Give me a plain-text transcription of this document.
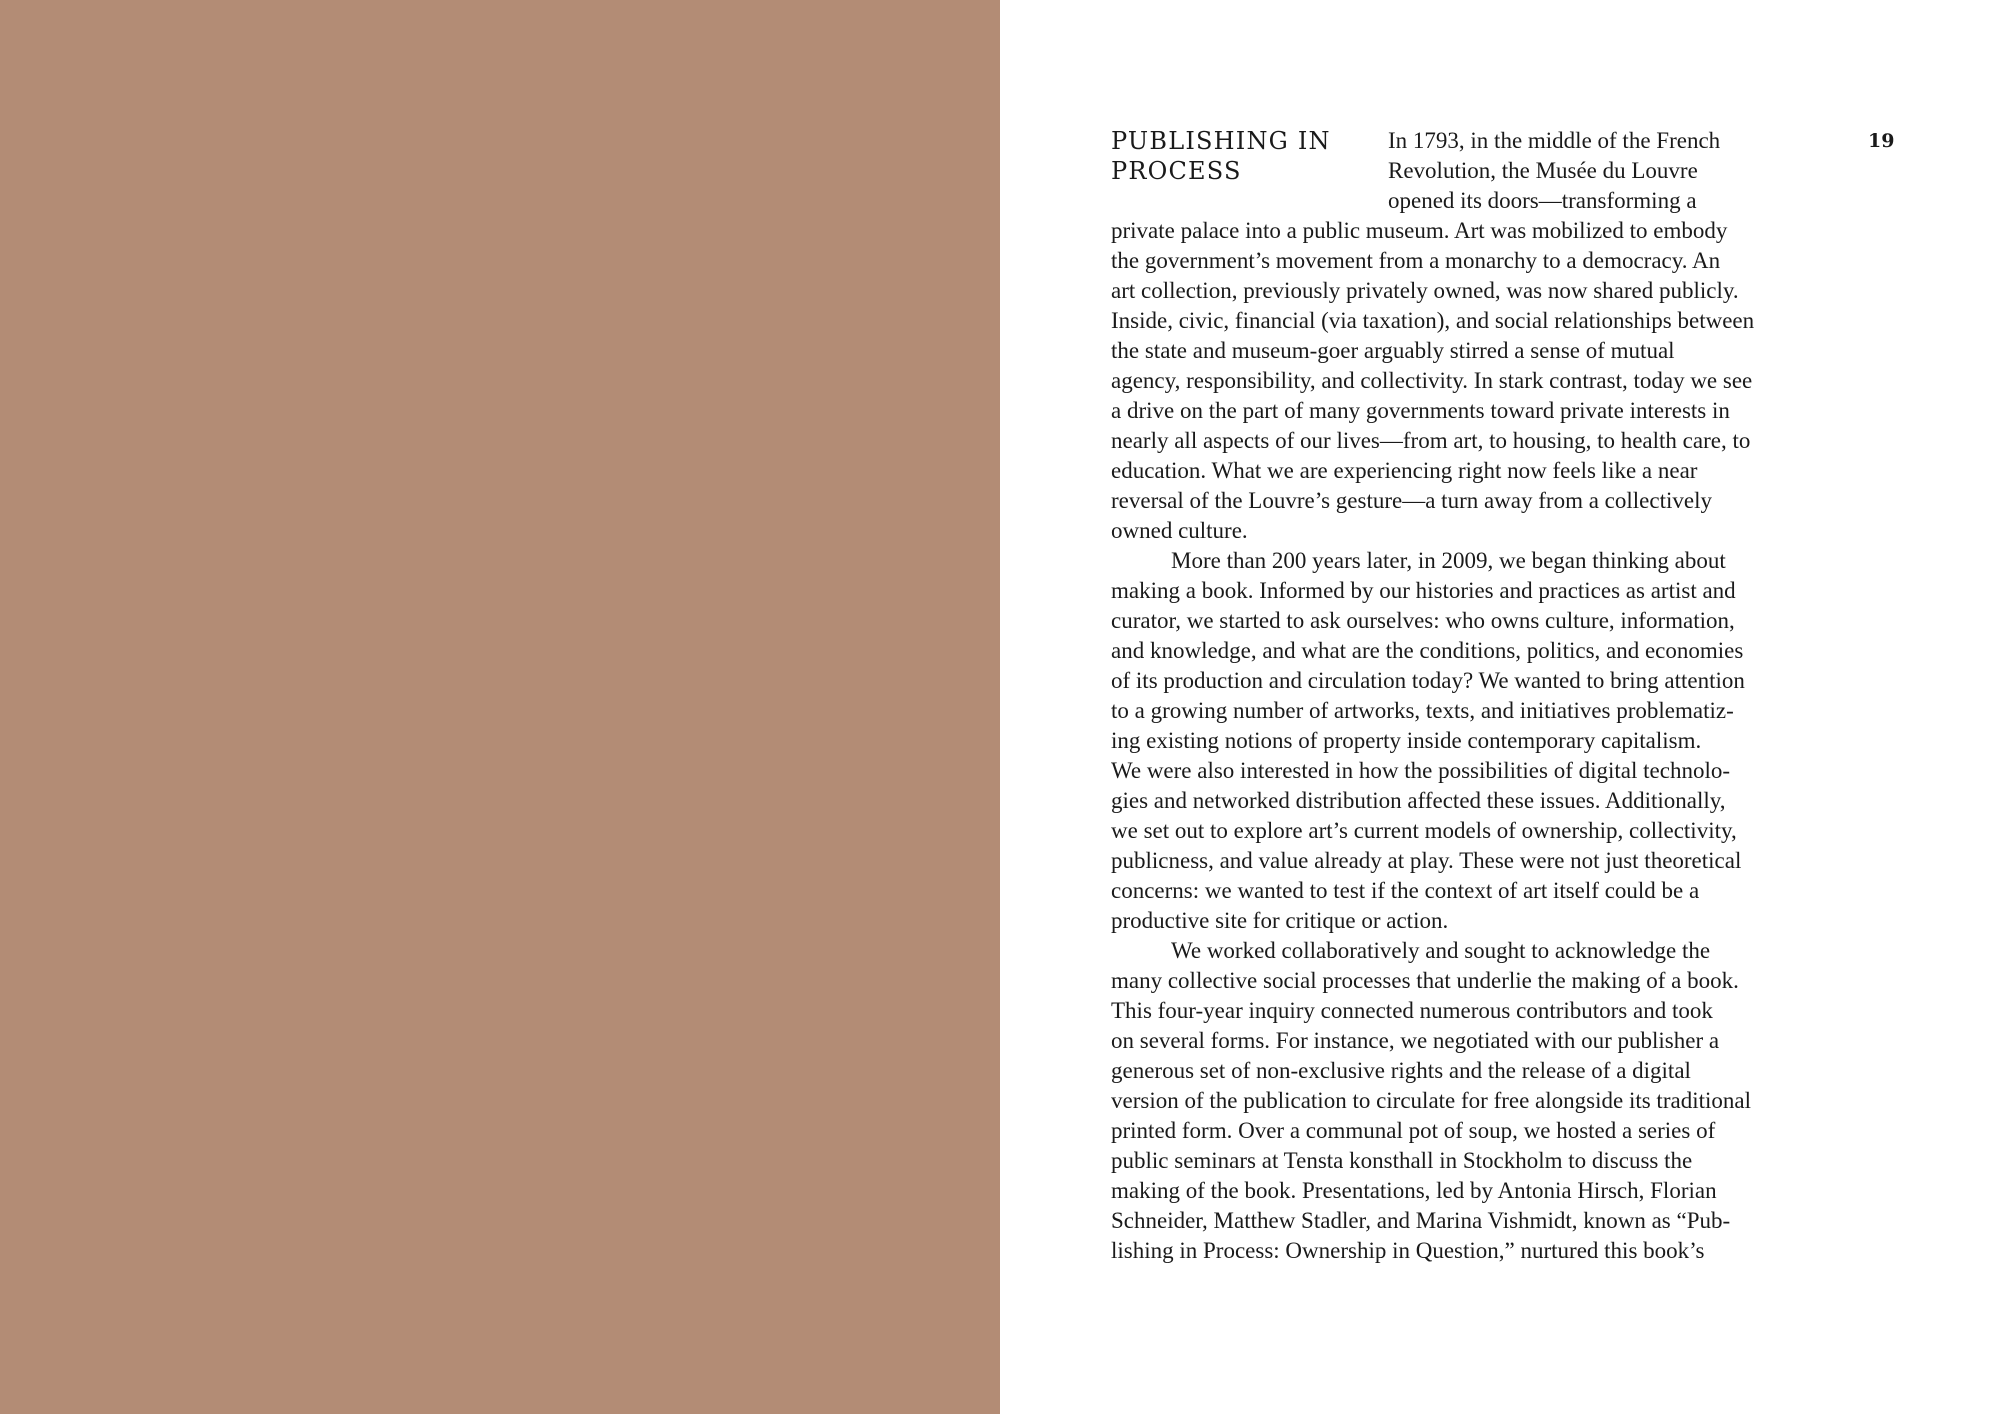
PUBLISHING IN
PROCESS
19
In 1793, in the middle of the French
Revolution, the Musée du Louvre
opened its doors—transforming a
private palace into a public museum. Art was mobilized to embody
the government’s movement from a monarchy to a democracy. An
art collection, previously privately owned, was now shared publicly.
Inside, civic, financial (via taxation), and social relationships between
the state and museum-goer arguably stirred a sense of mutual
agency, responsibility, and collectivity. In stark contrast, today we see
a drive on the part of many governments toward private interests in
nearly all aspects of our lives—from art, to housing, to health care, to
education. What we are experiencing right now feels like a near
reversal of the Louvre’s gesture—a turn away from a collectively
owned culture.
More than 200 years later, in 2009, we began thinking about
making a book. Informed by our histories and practices as artist and
curator, we started to ask ourselves: who owns culture, information,
and knowledge, and what are the conditions, politics, and economies
of its production and circulation today? We wanted to bring attention
to a growing number of artworks, texts, and initiatives problematiz-
ing existing notions of property inside contemporary capitalism.
We were also interested in how the possibilities of digital technolo-
gies and networked distribution affected these issues. Additionally,
we set out to explore art’s current models of ownership, collectivity,
publicness, and value already at play. These were not just theoretical
concerns: we wanted to test if the context of art itself could be a
productive site for critique or action.
We worked collaboratively and sought to acknowledge the
many collective social processes that underlie the making of a book.
This four-year inquiry connected numerous contributors and took
on several forms. For instance, we negotiated with our publisher a
generous set of non-exclusive rights and the release of a digital
version of the publication to circulate for free alongside its traditional
printed form. Over a communal pot of soup, we hosted a series of
public seminars at Tensta konsthall in Stockholm to discuss the
making of the book. Presentations, led by Antonia Hirsch, Florian
Schneider, Matthew Stadler, and Marina Vishmidt, known as “Pub-
lishing in Process: Ownership in Question,” nurtured this book’s
